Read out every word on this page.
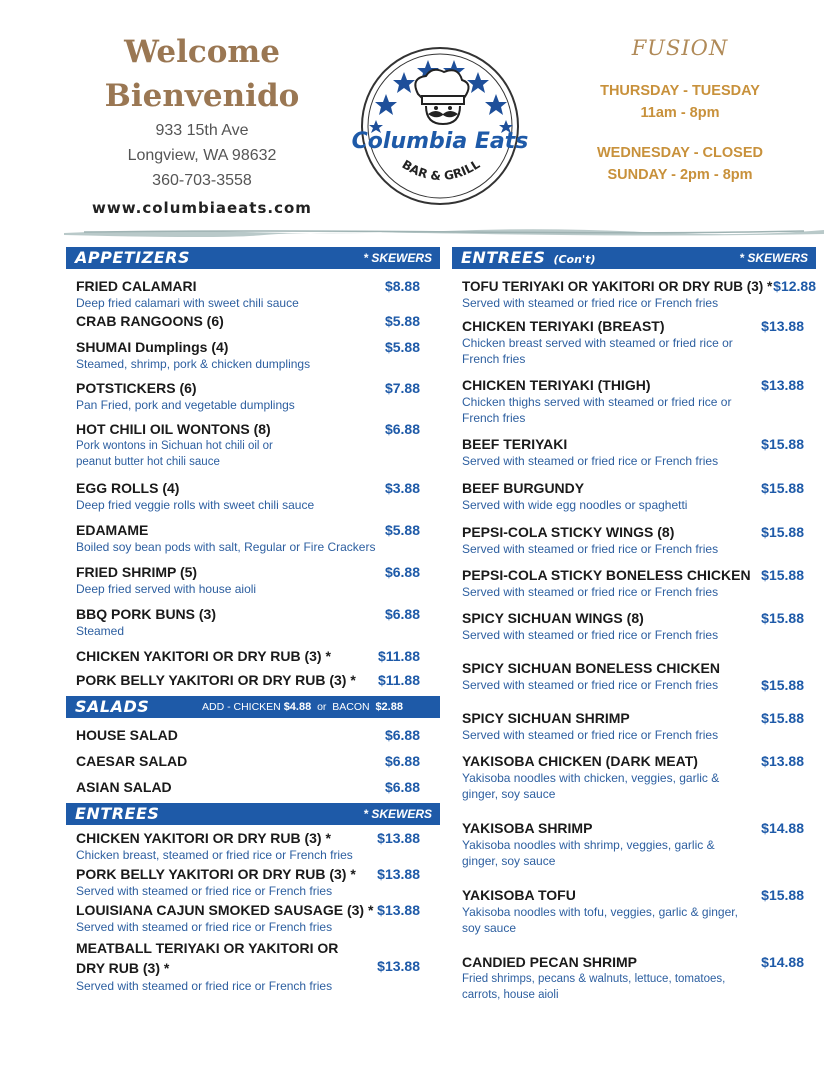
Welcome
Bienvenido
933 15th Ave
Longview, WA 98632
360-703-3558
www.columbiaeats.com
Columbia Eats
BAR & GRILL
FUSION
THURSDAY - TUESDAY
11am - 8pm
WEDNESDAY - CLOSED
SUNDAY - 2pm - 8pm
APPETIZERS	* SKEWERS
FRIED CALAMARI	$8.88
Deep fried calamari with sweet chili sauce
CRAB RANGOONS (6)	$5.88
SHUMAI Dumplings (4)	$5.88
Steamed, shrimp, pork & chicken dumplings
POTSTICKERS (6)	$7.88
Pan Fried, pork and vegetable dumplings
HOT CHILI OIL WONTONS (8)	$6.88
Pork wontons in Sichuan hot chili oil or peanut butter hot chili sauce
EGG ROLLS (4)	$3.88
Deep fried veggie rolls with sweet chili sauce
EDAMAME	$5.88
Boiled soy bean pods with salt, Regular or Fire Crackers
FRIED SHRIMP (5)	$6.88
Deep fried served with house aioli
BBQ PORK BUNS (3)	$6.88
Steamed
CHICKEN YAKITORI OR DRY RUB (3) *	$11.88
PORK BELLY YAKITORI OR DRY RUB (3) *	$11.88
SALADS	ADD - CHICKEN $4.88 or BACON $2.88
HOUSE SALAD	$6.88
CAESAR SALAD	$6.88
ASIAN SALAD	$6.88
ENTREES	* SKEWERS
CHICKEN YAKITORI OR DRY RUB (3) *	$13.88
Chicken breast, steamed or fried rice or French fries
PORK BELLY YAKITORI OR DRY RUB (3) *	$13.88
Served with steamed or fried rice or French fries
LOUISIANA CAJUN SMOKED SAUSAGE (3) * $13.88
Served with steamed or fried rice or French fries
MEATBALL TERIYAKI OR YAKITORI OR DRY RUB (3) *	$13.88
Served with steamed or fried rice or French fries
ENTREES (Con't)	* SKEWERS
TOFU TERIYAKI OR YAKITORI OR DRY RUB (3) * $12.88
Served with steamed or fried rice or French fries
CHICKEN TERIYAKI (BREAST)	$13.88
Chicken breast served with steamed or fried rice or French fries
CHICKEN TERIYAKI (THIGH)	$13.88
Chicken thighs served with steamed or fried rice or French fries
BEEF TERIYAKI	$15.88
Served with steamed or fried rice or French fries
BEEF BURGUNDY	$15.88
Served with wide egg noodles or spaghetti
PEPSI-COLA STICKY WINGS (8)	$15.88
Served with steamed or fried rice or French fries
PEPSI-COLA STICKY BONELESS CHICKEN $15.88
Served with steamed or fried rice or French fries
SPICY SICHUAN WINGS (8)	$15.88
Served with steamed or fried rice or French fries
SPICY SICHUAN BONELESS CHICKEN
$15.88
Served with steamed or fried rice or French fries
SPICY SICHUAN SHRIMP	$15.88
Served with steamed or fried rice or French fries
YAKISOBA CHICKEN (DARK MEAT)	$13.88
Yakisoba noodles with chicken, veggies, garlic & ginger, soy sauce
YAKISOBA SHRIMP	$14.88
Yakisoba noodles with shrimp, veggies, garlic & ginger, soy sauce
YAKISOBA TOFU	$15.88
Yakisoba noodles with tofu, veggies, garlic & ginger, soy sauce
CANDIED PECAN SHRIMP	$14.88
Fried shrimps, pecans & walnuts, lettuce, tomatoes, carrots, house aioli
